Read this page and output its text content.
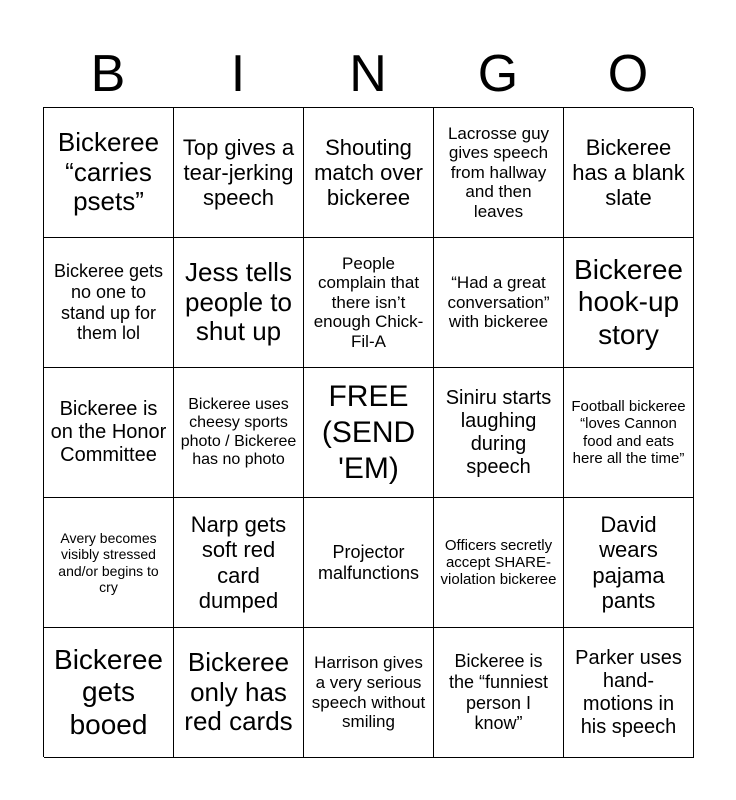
B	I	N	G	O
Bickeree “carries psets”
Top gives a tear-jerking speech
Shouting match over bickeree
Lacrosse guy gives speech from hallway and then leaves
Bickeree has a blank slate
Bickeree gets no one to stand up for them lol
Jess tells people to shut up
People complain that there isn’t enough Chick-Fil-A
“Had a great conversation” with bickeree
Bickeree hook-up story
Bickeree is on the Honor Committee
Bickeree uses cheesy sports photo / Bickeree has no photo
FREE (SEND 'EM)
Siniru starts laughing during speech
Football bickeree “loves Cannon food and eats here all the time”
Avery becomes visibly stressed and/or begins to cry
Narp gets soft red card dumped
Projector malfunctions
Officers secretly accept SHARE-violation bickeree
David wears pajama pants
Bickeree gets booed
Bickeree only has red cards
Harrison gives a very serious speech without smiling
Bickeree is the “funniest person I know”
Parker uses hand-motions in his speech
